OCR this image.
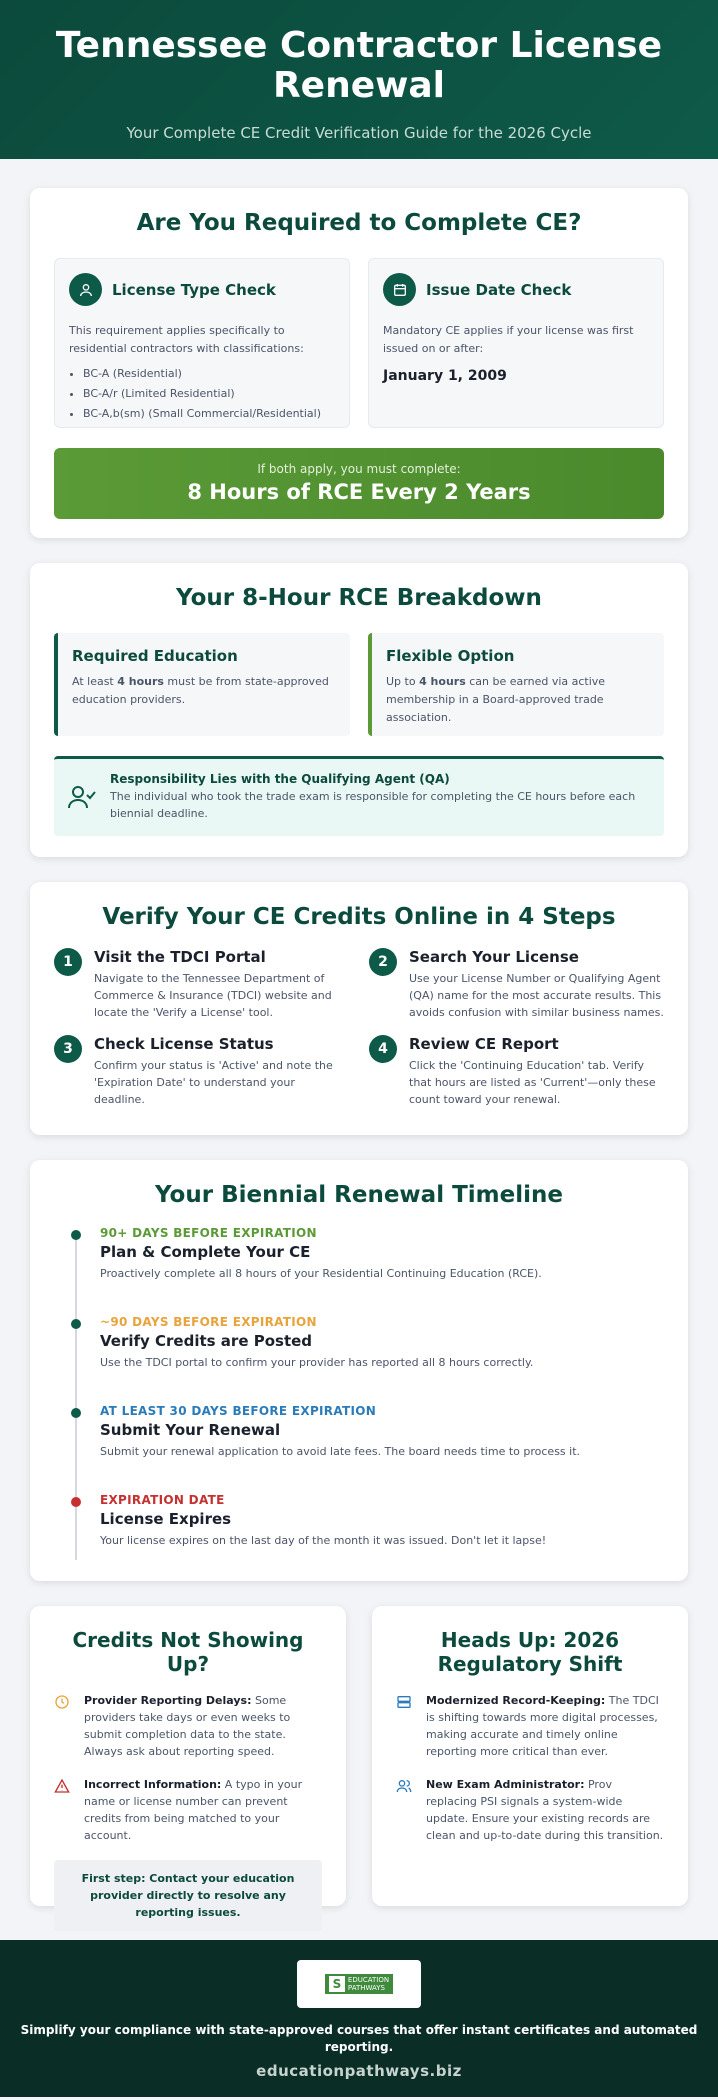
Tennessee Contractor License Renewal
Your Complete CE Credit Verification Guide for the 2026 Cycle
Are You Required to Complete CE?
License Type Check
This requirement applies specifically to residential contractors with classifications:
• BC-A (Residential)
• BC-A/r (Limited Residential)
• BC-A,b(sm) (Small Commercial/Residential)
Issue Date Check
Mandatory CE applies if your license was first issued on or after:
January 1, 2009
If both apply, you must complete:
8 Hours of RCE Every 2 Years
Your 8-Hour RCE Breakdown
Required Education
At least 4 hours must be from state-approved education providers.
Flexible Option
Up to 4 hours can be earned via active membership in a Board-approved trade association.
Responsibility Lies with the Qualifying Agent (QA)
The individual who took the trade exam is responsible for completing the CE hours before each biennial deadline.
Verify Your CE Credits Online in 4 Steps
1	Visit the TDCI Portal
Navigate to the Tennessee Department of Commerce & Insurance (TDCI) website and locate the 'Verify a License' tool.
2	Search Your License
Use your License Number or Qualifying Agent (QA) name for the most accurate results. This avoids confusion with similar business names.
3	Check License Status
Confirm your status is 'Active' and note the 'Expiration Date' to understand your deadline.
4	Review CE Report
Click the 'Continuing Education' tab. Verify that hours are listed as 'Current'—only these count toward your renewal.
Your Biennial Renewal Timeline
90+ DAYS BEFORE EXPIRATION
Plan & Complete Your CE
Proactively complete all 8 hours of your Residential Continuing Education (RCE).
~90 DAYS BEFORE EXPIRATION
Verify Credits are Posted
Use the TDCI portal to confirm your provider has reported all 8 hours correctly.
AT LEAST 30 DAYS BEFORE EXPIRATION
Submit Your Renewal
Submit your renewal application to avoid late fees. The board needs time to process it.
EXPIRATION DATE
License Expires
Your license expires on the last day of the month it was issued. Don't let it lapse!
Credits Not Showing Up?
Provider Reporting Delays: Some providers take days or even weeks to submit completion data to the state. Always ask about reporting speed.
Incorrect Information: A typo in your name or license number can prevent credits from being matched to your account.
First step: Contact your education provider directly to resolve any reporting issues.
Heads Up: 2026 Regulatory Shift
Modernized Record-Keeping: The TDCI is shifting towards more digital processes, making accurate and timely online reporting more critical than ever.
New Exam Administrator: Prov replacing PSI signals a system-wide update. Ensure your existing records are clean and up-to-date during this transition.
S EDUCATION
PATHWAYS
Simplify your compliance with state-approved courses that offer instant certificates and automated reporting.
educationpathways.biz
